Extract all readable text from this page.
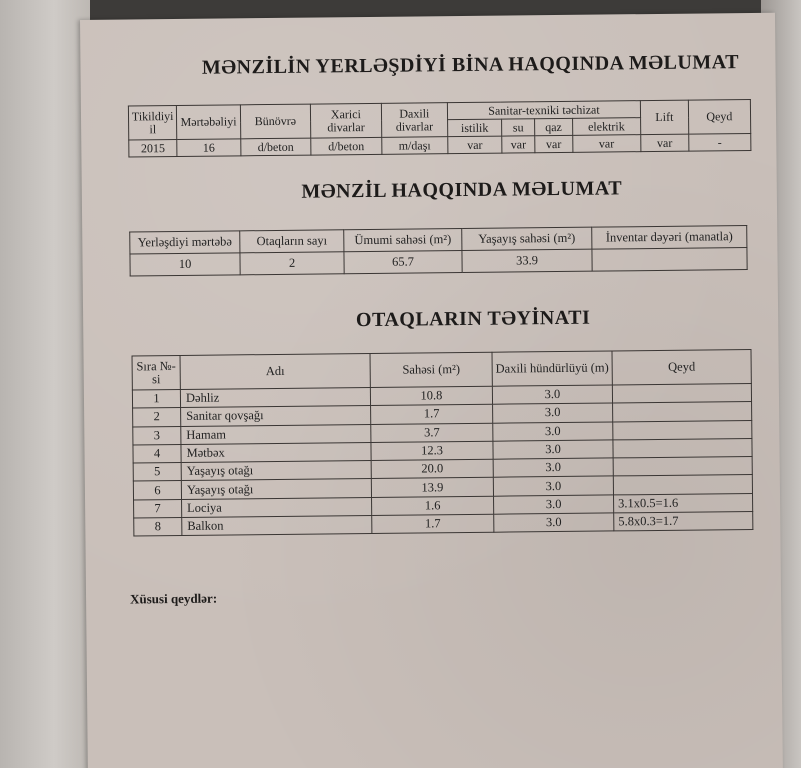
MƏNZİLİN YERLƏŞDİYİ BİNA HAQQINDA MƏLUMAT
Tikildiyi il	Mərtəbəliyi	Bünövrə	Xarici divarlar	Daxili divarlar	Sanitar-texniki təchizat				Lift	Qeyd
					istilik	su	qaz	elektrik		
2015	16	d/beton	d/beton	m/daşı	var	var	var	var	var	-
MƏNZİL HAQQINDA MƏLUMAT
Yerləşdiyi mərtəbə	Otaqların sayı	Ümumi sahəsi (m²)	Yaşayış sahəsi (m²)	İnventar dəyəri (manatla)
10	2	65.7	33.9	
OTAQLARIN TƏYİNATI
Sıra №-si	Adı	Sahəsi (m²)	Daxili hündürlüyü (m)	Qeyd
1	Dəhliz	10.8	3.0	
2	Sanitar qovşağı	1.7	3.0	
3	Hamam	3.7	3.0	
4	Mətbəx	12.3	3.0	
5	Yaşayış otağı	20.0	3.0	
6	Yaşayış otağı	13.9	3.0	
7	Lociya	1.6	3.0	3.1x0.5=1.6
8	Balkon	1.7	3.0	5.8x0.3=1.7
Xüsusi qeydlər:
